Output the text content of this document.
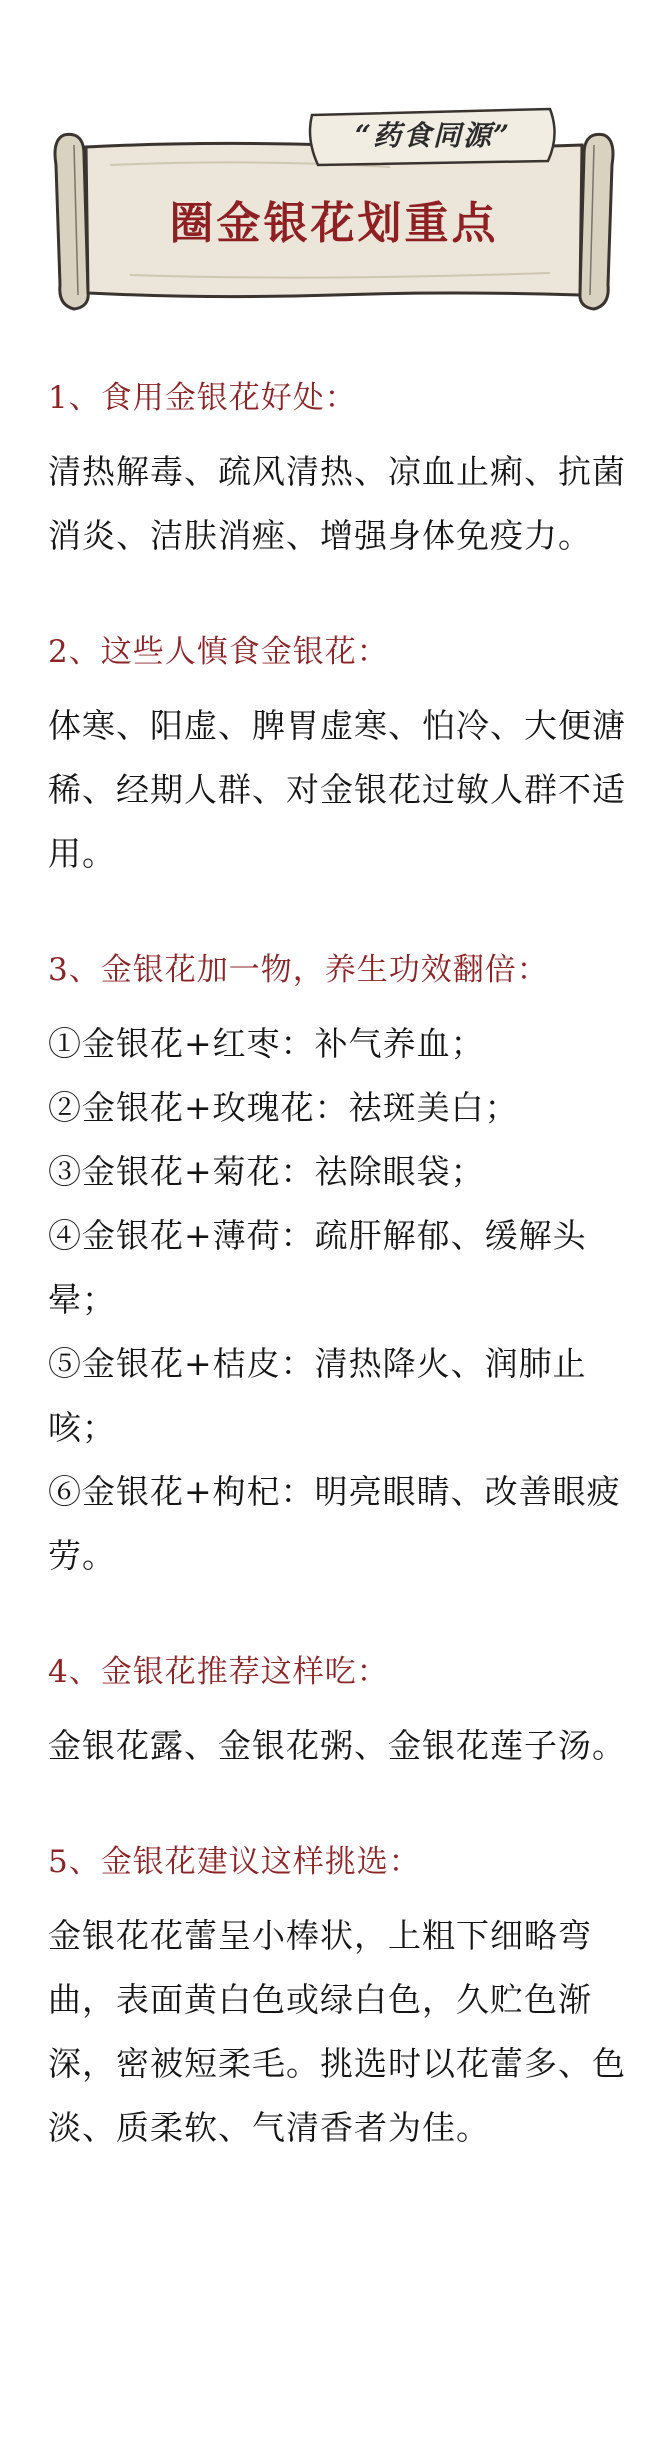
“药食同源”
圈金银花划重点

1、食用金银花好处：

清热解毒、疏风清热、凉血止痢、抗菌消炎、洁肤消痤、增强身体免疫力。

2、这些人慎食金银花：

体寒、阳虚、脾胃虚寒、怕冷、大便溏稀、经期人群、对金银花过敏人群不适用。

3、金银花加一物，养生功效翻倍：

①金银花+红枣：补气养血；

②金银花+玫瑰花：祛斑美白；

③金银花+菊花：祛除眼袋；

④金银花+薄荷：疏肝解郁、缓解头晕；

⑤金银花+桔皮：清热降火、润肺止咳；

⑥金银花+枸杞：明亮眼睛、改善眼疲劳。

4、金银花推荐这样吃：

金银花露、金银花粥、金银花莲子汤。

5、金银花建议这样挑选：

金银花花蕾呈小棒状，上粗下细略弯曲，表面黄白色或绿白色，久贮色渐深，密被短柔毛。挑选时以花蕾多、色淡、质柔软、气清香者为佳。
